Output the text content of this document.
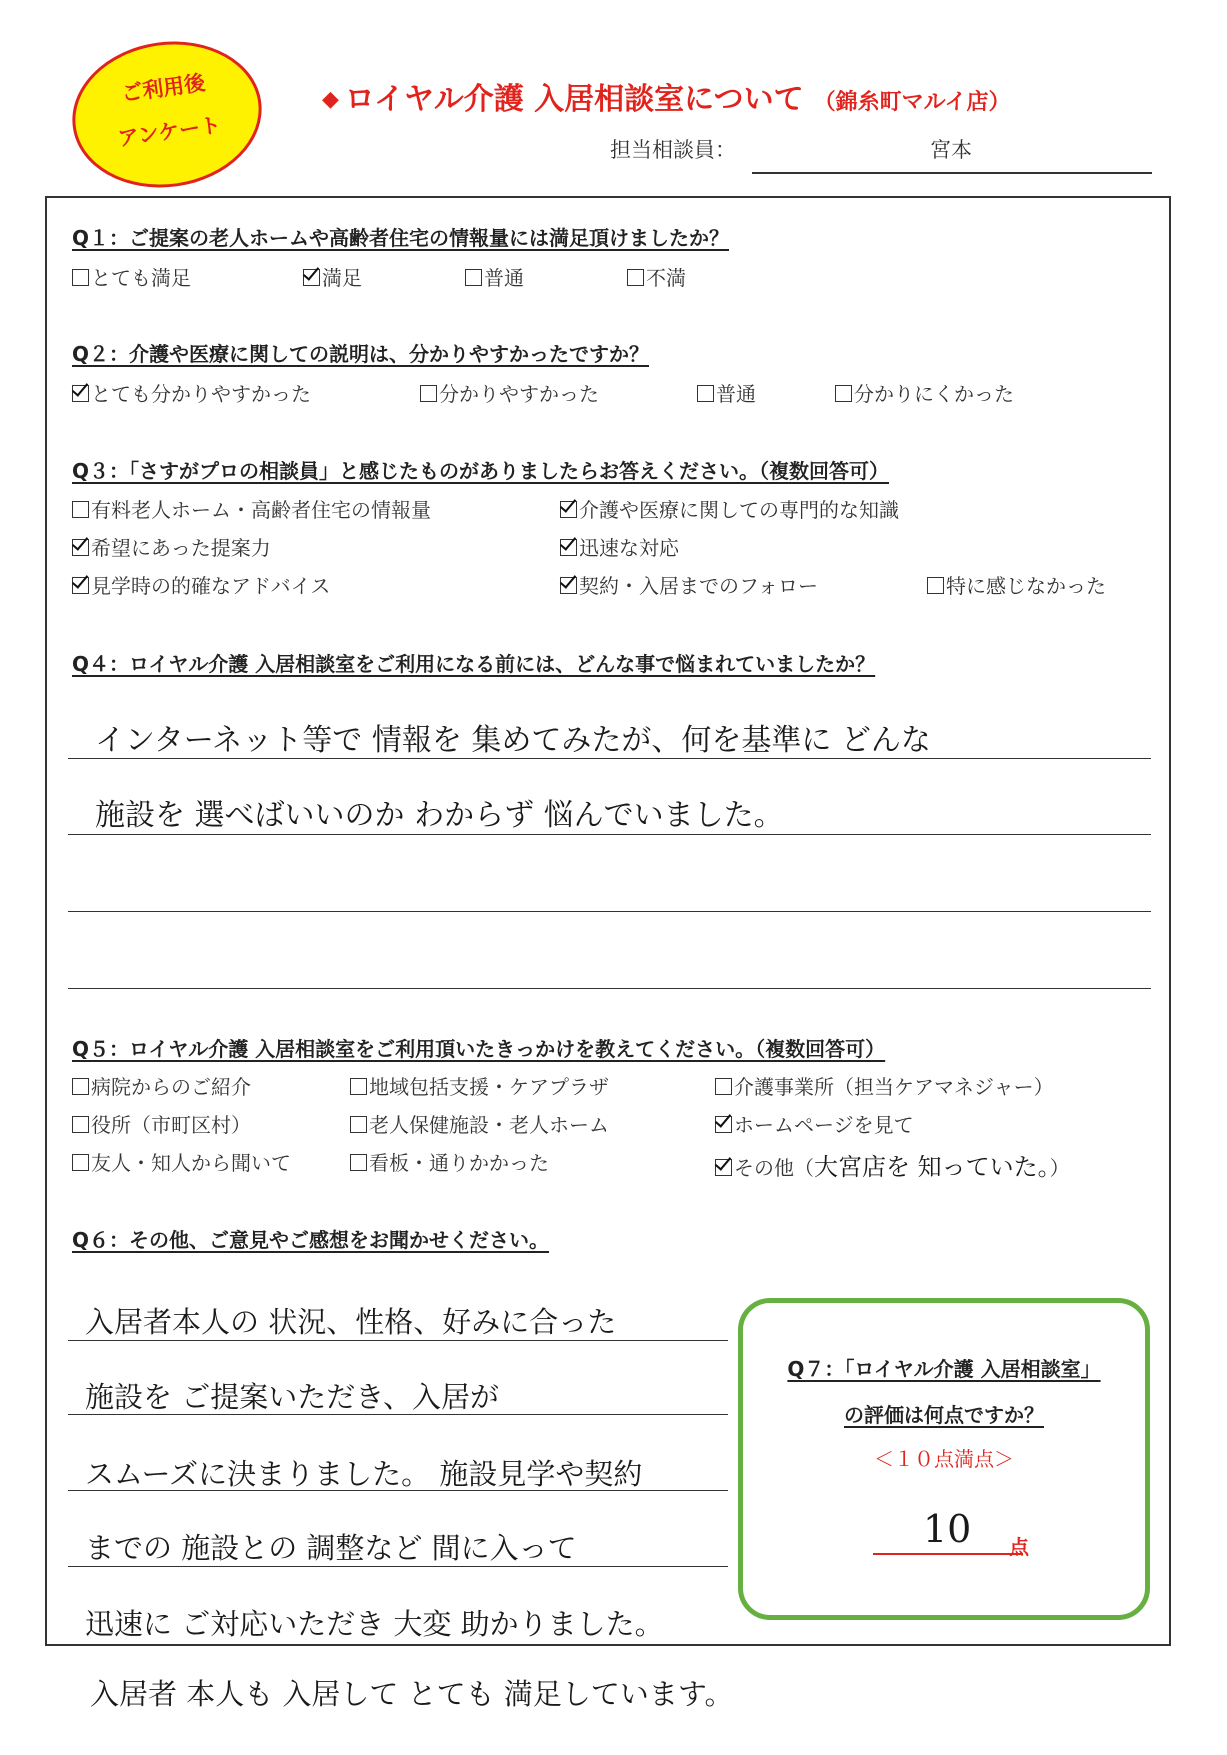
ご利用後
アンケート
◆ ロイヤル介護 入居相談室について （錦糸町マルイ店）
担当相談員：	宮本
Q１：ご提案の老人ホームや高齢者住宅の情報量には満足頂けましたか？
とても満足	満足	普通	不満
Q２：介護や医療に関しての説明は、分かりやすかったですか？
とても分かりやすかった	分かりやすかった	普通	分かりにくかった
Q３：「さすがプロの相談員」と感じたものがありましたらお答えください。（複数回答可）
有料老人ホーム・高齢者住宅の情報量	介護や医療に関しての専門的な知識
希望にあった提案力	迅速な対応
見学時の的確なアドバイス	契約・入居までのフォロー	特に感じなかった
Q４：ロイヤル介護 入居相談室をご利用になる前には、どんな事で悩まれていましたか？
インターネット等で 情報を 集めてみたが、何を基準に どんな
施設を 選べばいいのか わからず 悩んでいました。
Q５：ロイヤル介護 入居相談室をご利用頂いたきっかけを教えてください。（複数回答可）
病院からのご紹介	地域包括支援・ケアプラザ	介護事業所（担当ケアマネジャー）
役所（市町区村）	老人保健施設・老人ホーム	ホームページを見て
友人・知人から聞いて	看板・通りかかった	その他（大宮店を 知っていた。）
Q６：その他、ご意見やご感想をお聞かせください。
入居者本人の 状況、性格、好みに合った
施設を ご提案いただき、入居が
スムーズに決まりました。 施設見学や契約
までの 施設との 調整など 間に入って
迅速に ご対応いただき 大変 助かりました。
入居者 本人も 入居して とても 満足しています。
Q７：「ロイヤル介護 入居相談室」
の評価は何点ですか？
＜１０点満点＞
10 点
